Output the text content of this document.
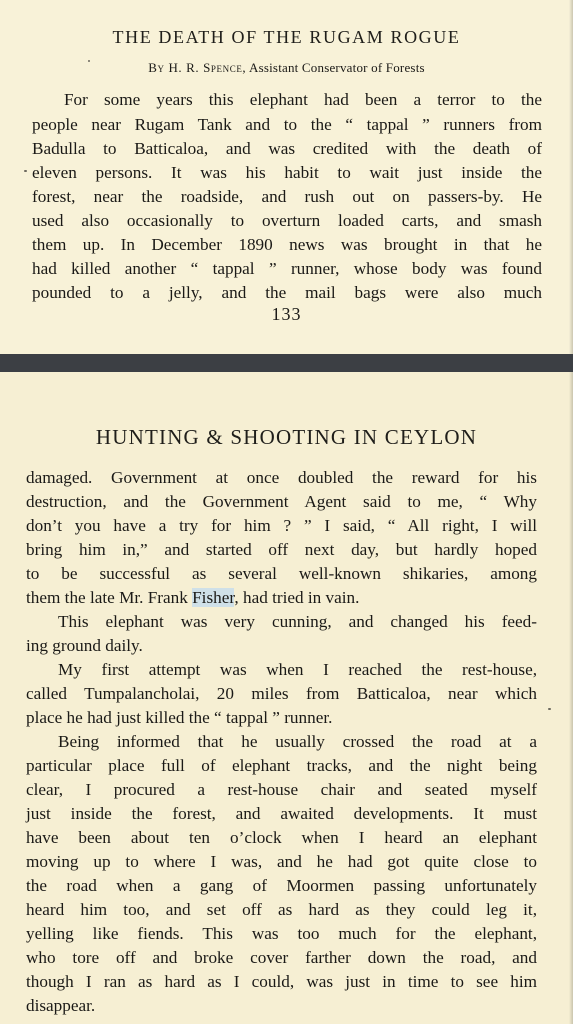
THE DEATH OF THE RUGAM ROGUE
By H. R. Spence, Assistant Conservator of Forests
For some years this elephant had been a terror to the
people near Rugam Tank and to the “ tappal ” runners from
Badulla to Batticaloa, and was credited with the death of
eleven persons. It was his habit to wait just inside the
forest, near the roadside, and rush out on passers-by. He
used also occasionally to overturn loaded carts, and smash
them up. In December 1890 news was brought in that he
had killed another “ tappal ” runner, whose body was found
pounded to a jelly, and the mail bags were also much
133
HUNTING & SHOOTING IN CEYLON
damaged. Government at once doubled the reward for his
destruction, and the Government Agent said to me, “ Why
don’t you have a try for him ? ” I said, “ All right, I will
bring him in,” and started off next day, but hardly hoped
to be successful as several well-known shikaries, among
them the late Mr. Frank Fisher, had tried in vain.
This elephant was very cunning, and changed his feed-
ing ground daily.
My first attempt was when I reached the rest-house,
called Tumpalancholai, 20 miles from Batticaloa, near which
place he had just killed the “ tappal ” runner.
Being informed that he usually crossed the road at a
particular place full of elephant tracks, and the night being
clear, I procured a rest-house chair and seated myself
just inside the forest, and awaited developments. It must
have been about ten o’clock when I heard an elephant
moving up to where I was, and he had got quite close to
the road when a gang of Moormen passing unfortunately
heard him too, and set off as hard as they could leg it,
yelling like fiends. This was too much for the elephant,
who tore off and broke cover farther down the road, and
though I ran as hard as I could, was just in time to see him
disappear.
